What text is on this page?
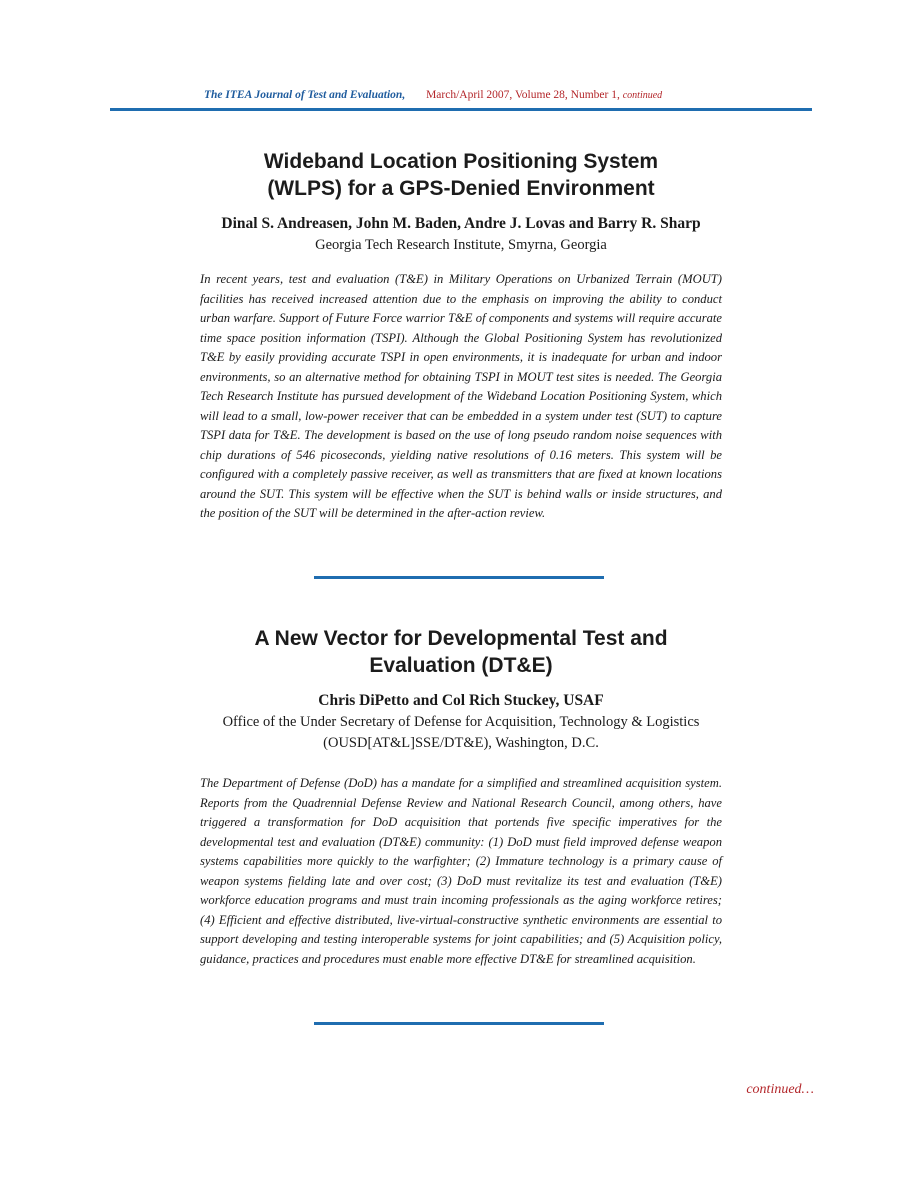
The ITEA Journal of Test and Evaluation, March/April 2007, Volume 28, Number 1, continued
Wideband Location Positioning System (WLPS) for a GPS-Denied Environment

Dinal S. Andreasen, John M. Baden, Andre J. Lovas and Barry R. Sharp

Georgia Tech Research Institute, Smyrna, Georgia

In recent years, test and evaluation (T&E) in Military Operations on Urbanized Terrain (MOUT) facilities has received increased attention due to the emphasis on improving the ability to conduct urban warfare. Support of Future Force warrior T&E of components and systems will require accurate time space position information (TSPI). Although the Global Positioning System has revolutionized T&E by easily providing accurate TSPI in open environments, it is inadequate for urban and indoor environments, so an alternative method for obtaining TSPI in MOUT test sites is needed. The Georgia Tech Research Institute has pursued development of the Wideband Location Positioning System, which will lead to a small, low-power receiver that can be embedded in a system under test (SUT) to capture TSPI data for T&E. The development is based on the use of long pseudo random noise sequences with chip durations of 546 picoseconds, yielding native resolutions of 0.16 meters. This system will be configured with a completely passive receiver, as well as transmitters that are fixed at known locations around the SUT. This system will be effective when the SUT is behind walls or inside structures, and the position of the SUT will be determined in the after-action review.

A New Vector for Developmental Test and Evaluation (DT&E)

Chris DiPetto and Col Rich Stuckey, USAF

Office of the Under Secretary of Defense for Acquisition, Technology & Logistics (OUSD[AT&L]SSE/DT&E), Washington, D.C.

The Department of Defense (DoD) has a mandate for a simplified and streamlined acquisition system. Reports from the Quadrennial Defense Review and National Research Council, among others, have triggered a transformation for DoD acquisition that portends five specific imperatives for the developmental test and evaluation (DT&E) community: (1) DoD must field improved defense weapon systems capabilities more quickly to the warfighter; (2) Immature technology is a primary cause of weapon systems fielding late and over cost; (3) DoD must revitalize its test and evaluation (T&E) workforce education programs and must train incoming professionals as the aging workforce retires; (4) Efficient and effective distributed, live-virtual-constructive synthetic environments are essential to support developing and testing interoperable systems for joint capabilities; and (5) Acquisition policy, guidance, practices and procedures must enable more effective DT&E for streamlined acquisition.

continued…
